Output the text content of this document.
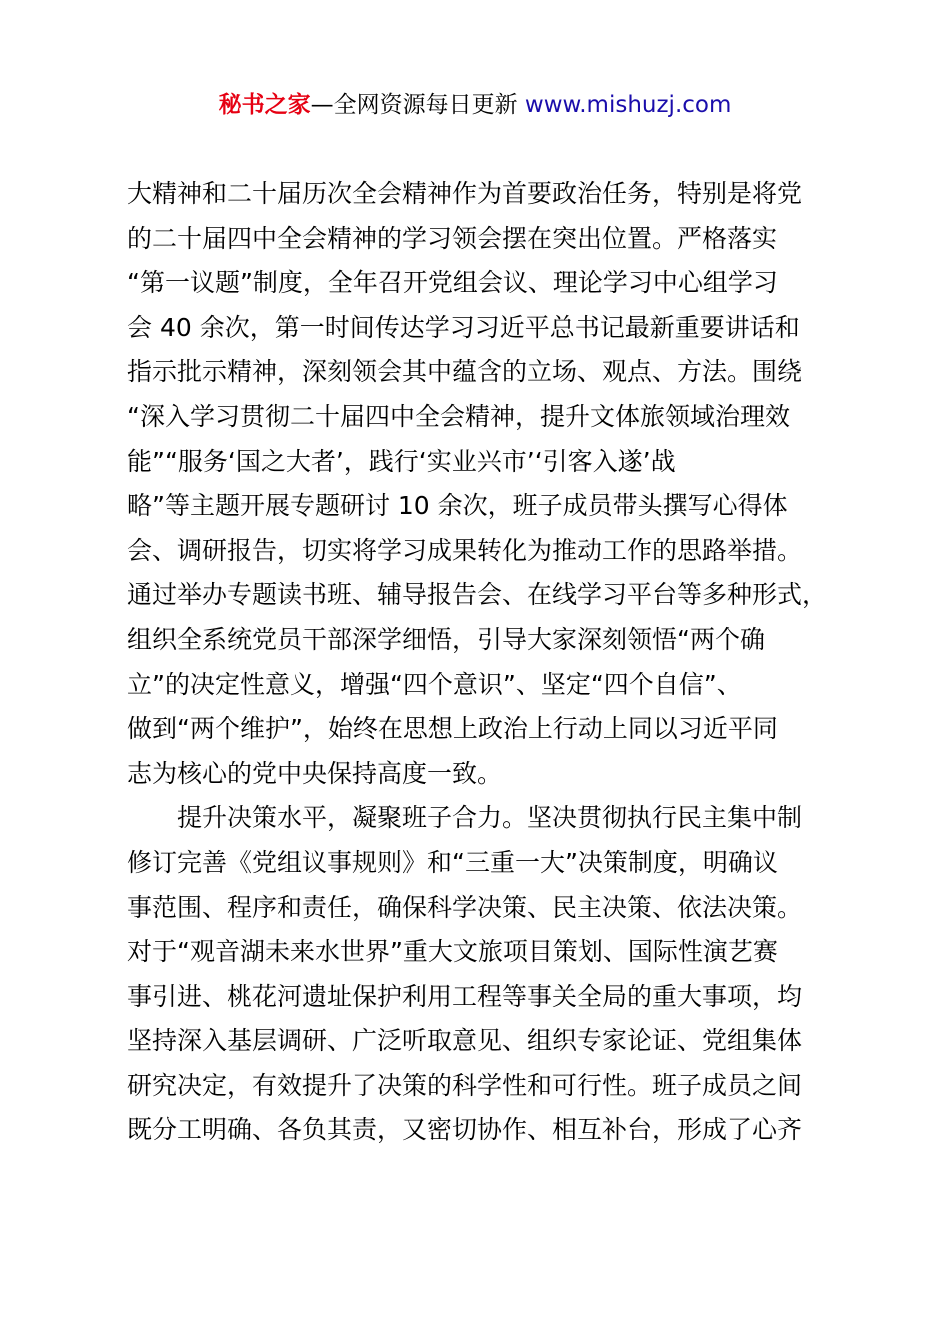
秘书之家—全网资源每日更新 www.mishuzj.com
大精神和二十届历次全会精神作为首要政治任务，特别是将党
的二十届四中全会精神的学习领会摆在突出位置。严格落实
“第一议题”制度，全年召开党组会议、理论学习中心组学习
会 40 余次，第一时间传达学习习近平总书记最新重要讲话和
指示批示精神，深刻领会其中蕴含的立场、观点、方法。围绕
“深入学习贯彻二十届四中全会精神，提升文体旅领域治理效
能”“服务‘国之大者’，践行‘实业兴市’‘引客入遂’战
略”等主题开展专题研讨 10 余次，班子成员带头撰写心得体
会、调研报告，切实将学习成果转化为推动工作的思路举措。
通过举办专题读书班、辅导报告会、在线学习平台等多种形式，
组织全系统党员干部深学细悟，引导大家深刻领悟“两个确
立”的决定性意义，增强“四个意识”、坚定“四个自信”、
做到“两个维护”，始终在思想上政治上行动上同以习近平同
志为核心的党中央保持高度一致。
提升决策水平，凝聚班子合力。坚决贯彻执行民主集中制
修订完善《党组议事规则》和“三重一大”决策制度，明确议
事范围、程序和责任，确保科学决策、民主决策、依法决策。
对于“观音湖未来水世界”重大文旅项目策划、国际性演艺赛
事引进、桃花河遗址保护利用工程等事关全局的重大事项，均
坚持深入基层调研、广泛听取意见、组织专家论证、党组集体
研究决定，有效提升了决策的科学性和可行性。班子成员之间
既分工明确、各负其责，又密切协作、相互补台，形成了心齐
